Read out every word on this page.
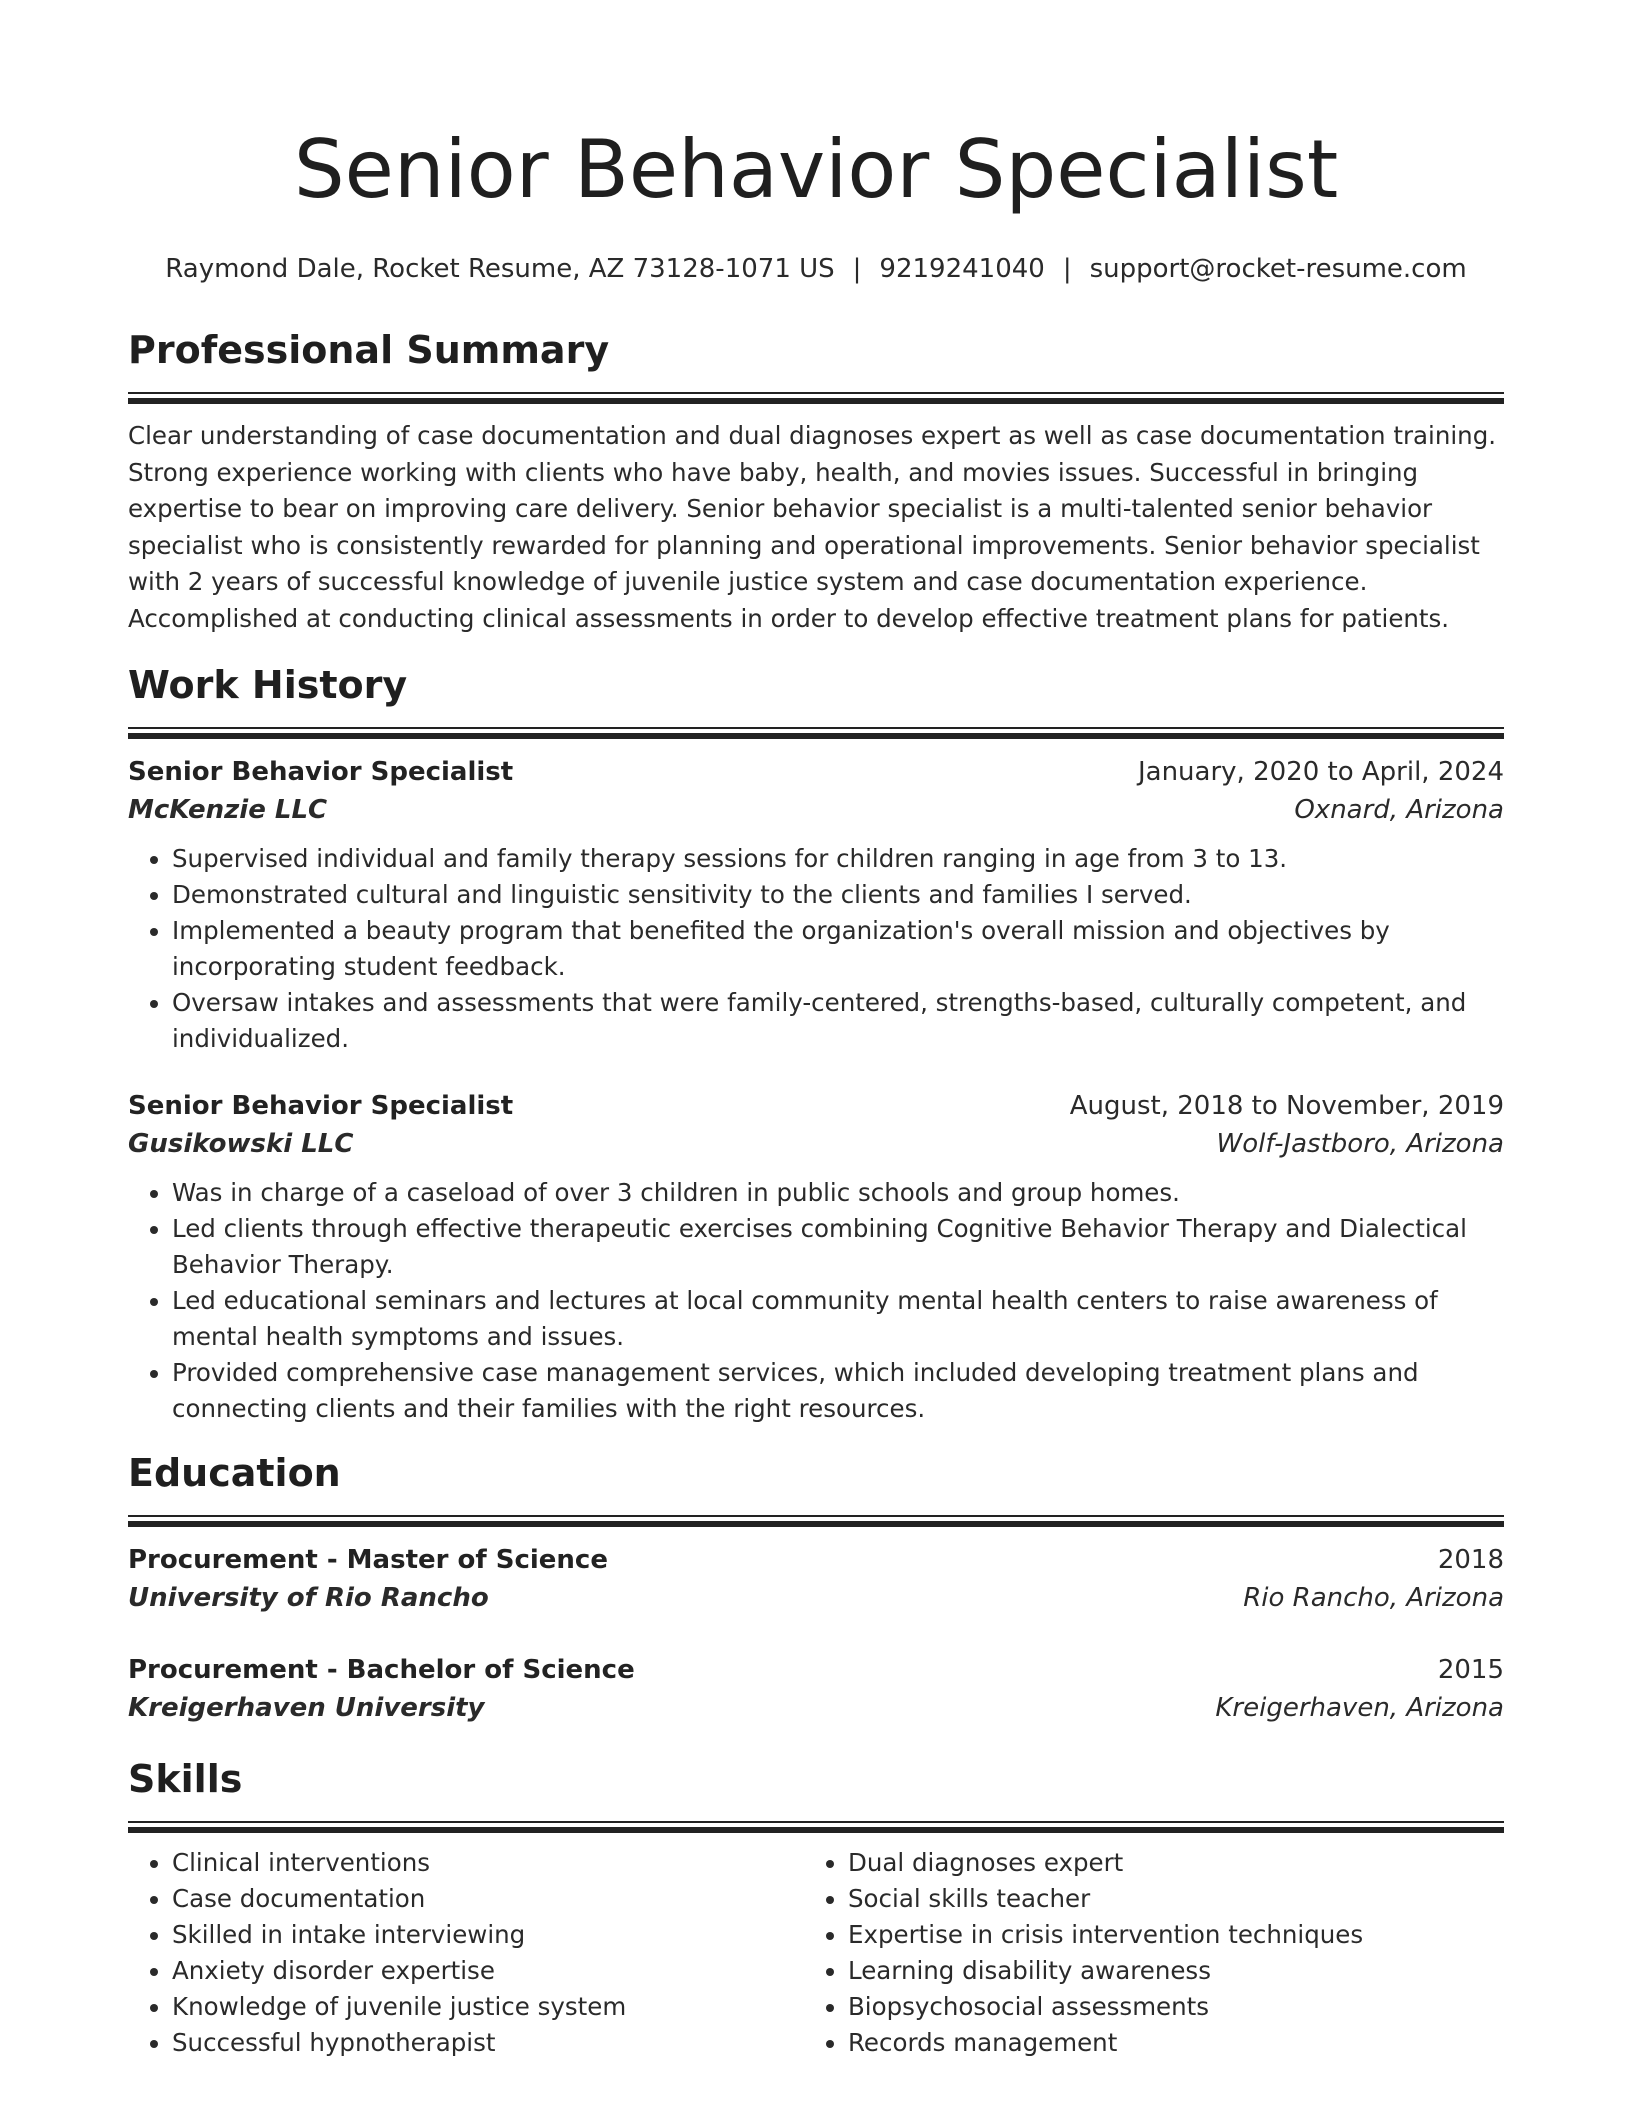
Senior Behavior Specialist
Raymond Dale, Rocket Resume, AZ 73128-1071 US | 9219241040 | support@rocket-resume.com
Professional Summary

Clear understanding of case documentation and dual diagnoses expert as well as case documentation training. Strong experience working with clients who have baby, health, and movies issues. Successful in bringing expertise to bear on improving care delivery. Senior behavior specialist is a multi-talented senior behavior specialist who is consistently rewarded for planning and operational improvements. Senior behavior specialist with 2 years of successful knowledge of juvenile justice system and case documentation experience. Accomplished at conducting clinical assessments in order to develop effective treatment plans for patients.

Work History
Senior Behavior Specialist	January, 2020 to April, 2024
McKenzie LLC	Oxnard, Arizona
• Supervised individual and family therapy sessions for children ranging in age from 3 to 13.
• Demonstrated cultural and linguistic sensitivity to the clients and families I served.
• Implemented a beauty program that benefited the organization's overall mission and objectives by incorporating student feedback.
• Oversaw intakes and assessments that were family-centered, strengths-based, culturally competent, and individualized.
Senior Behavior Specialist	August, 2018 to November, 2019
Gusikowski LLC	Wolf-Jastboro, Arizona
• Was in charge of a caseload of over 3 children in public schools and group homes.
• Led clients through effective therapeutic exercises combining Cognitive Behavior Therapy and Dialectical Behavior Therapy.
• Led educational seminars and lectures at local community mental health centers to raise awareness of mental health symptoms and issues.
• Provided comprehensive case management services, which included developing treatment plans and connecting clients and their families with the right resources.
Education
Procurement - Master of Science	2018
University of Rio Rancho	Rio Rancho, Arizona
Procurement - Bachelor of Science	2015
Kreigerhaven University	Kreigerhaven, Arizona
Skills
• Clinical interventions
• Case documentation
• Skilled in intake interviewing
• Anxiety disorder expertise
• Knowledge of juvenile justice system
• Successful hypnotherapist
• Dual diagnoses expert
• Social skills teacher
• Expertise in crisis intervention techniques
• Learning disability awareness
• Biopsychosocial assessments
• Records management
